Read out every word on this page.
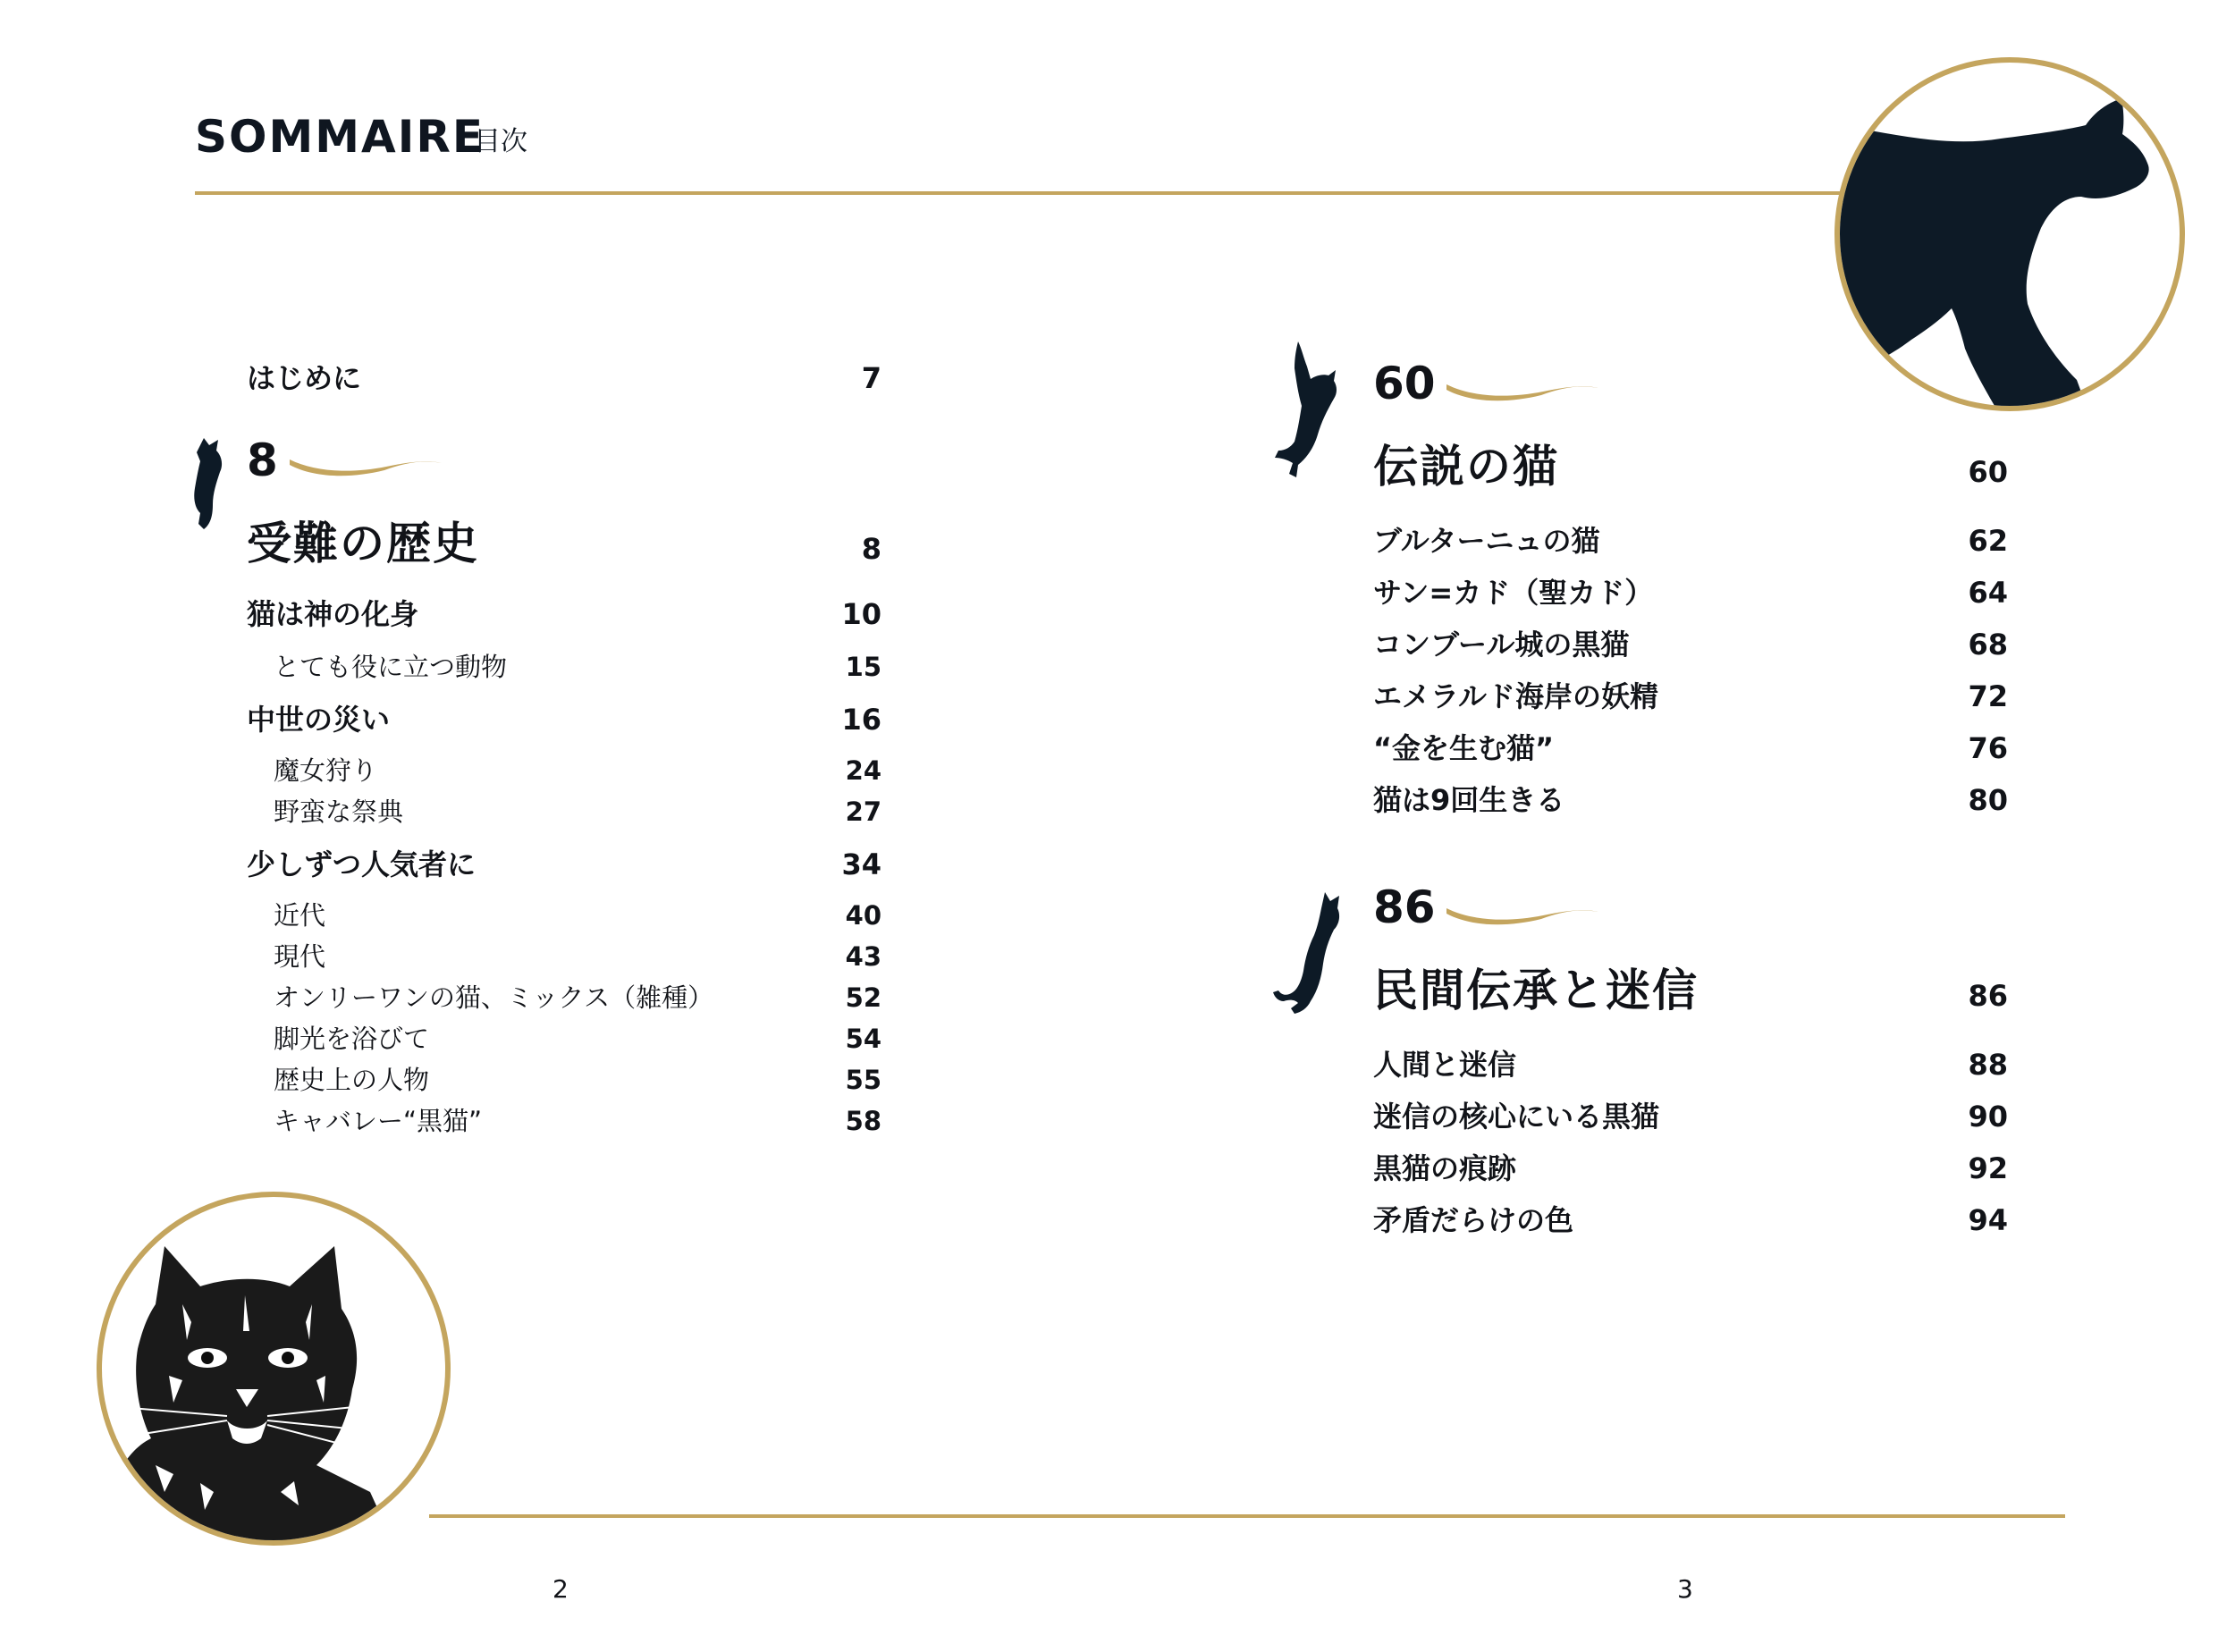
SOMMAIRE
目次
はじめに	7
8
受難の歴史	8
猫は神の化身	10
とても役に立つ動物	15
中世の災い	16
魔女狩り	24
野蛮な祭典	27
少しずつ人気者に	34
近代	40
現代	43
オンリーワンの猫、ミックス（雑種）	52
脚光を浴びて	54
歴史上の人物	55
キャバレー“黒猫”	58
2
60
伝説の猫	60
ブルターニュの猫	62
サン=カド（聖カド）	64
コンブール城の黒猫	68
エメラルド海岸の妖精	72
“金を生む猫”	76
猫は9回生きる	80
86
民間伝承と迷信	86
人間と迷信	88
迷信の核心にいる黒猫	90
黒猫の痕跡	92
矛盾だらけの色	94
3
